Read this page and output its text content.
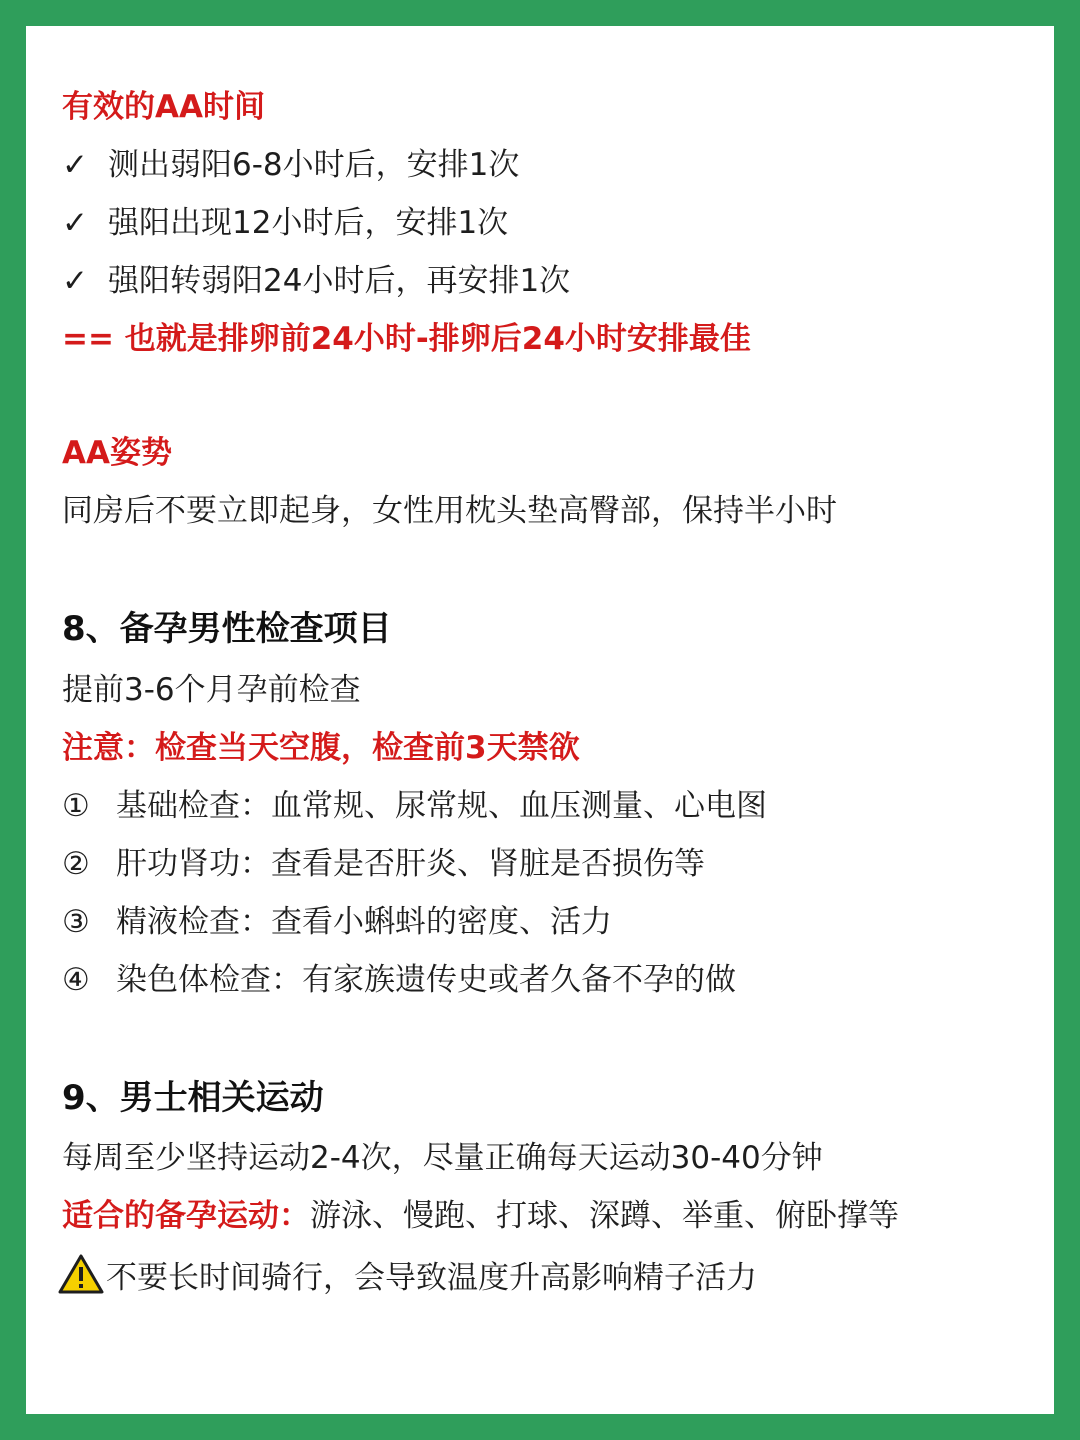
有效的AA时间
✓ 测出弱阳6-8小时后，安排1次
✓ 强阳出现12小时后，安排1次
✓ 强阳转弱阳24小时后，再安排1次
== 也就是排卵前24小时-排卵后24小时安排最佳
AA姿势
同房后不要立即起身，女性用枕头垫高臀部，保持半小时
8、备孕男性检查项目
提前3-6个月孕前检查
注意：检查当天空腹，检查前3天禁欲
① 基础检查：血常规、尿常规、血压测量、心电图
② 肝功肾功：查看是否肝炎、肾脏是否损伤等
③ 精液检查：查看小蝌蚪的密度、活力
④ 染色体检查：有家族遗传史或者久备不孕的做
9、男士相关运动
每周至少坚持运动2-4次，尽量正确每天运动30-40分钟
适合的备孕运动：游泳、慢跑、打球、深蹲、举重、俯卧撑等
不要长时间骑行，会导致温度升高影响精子活力
